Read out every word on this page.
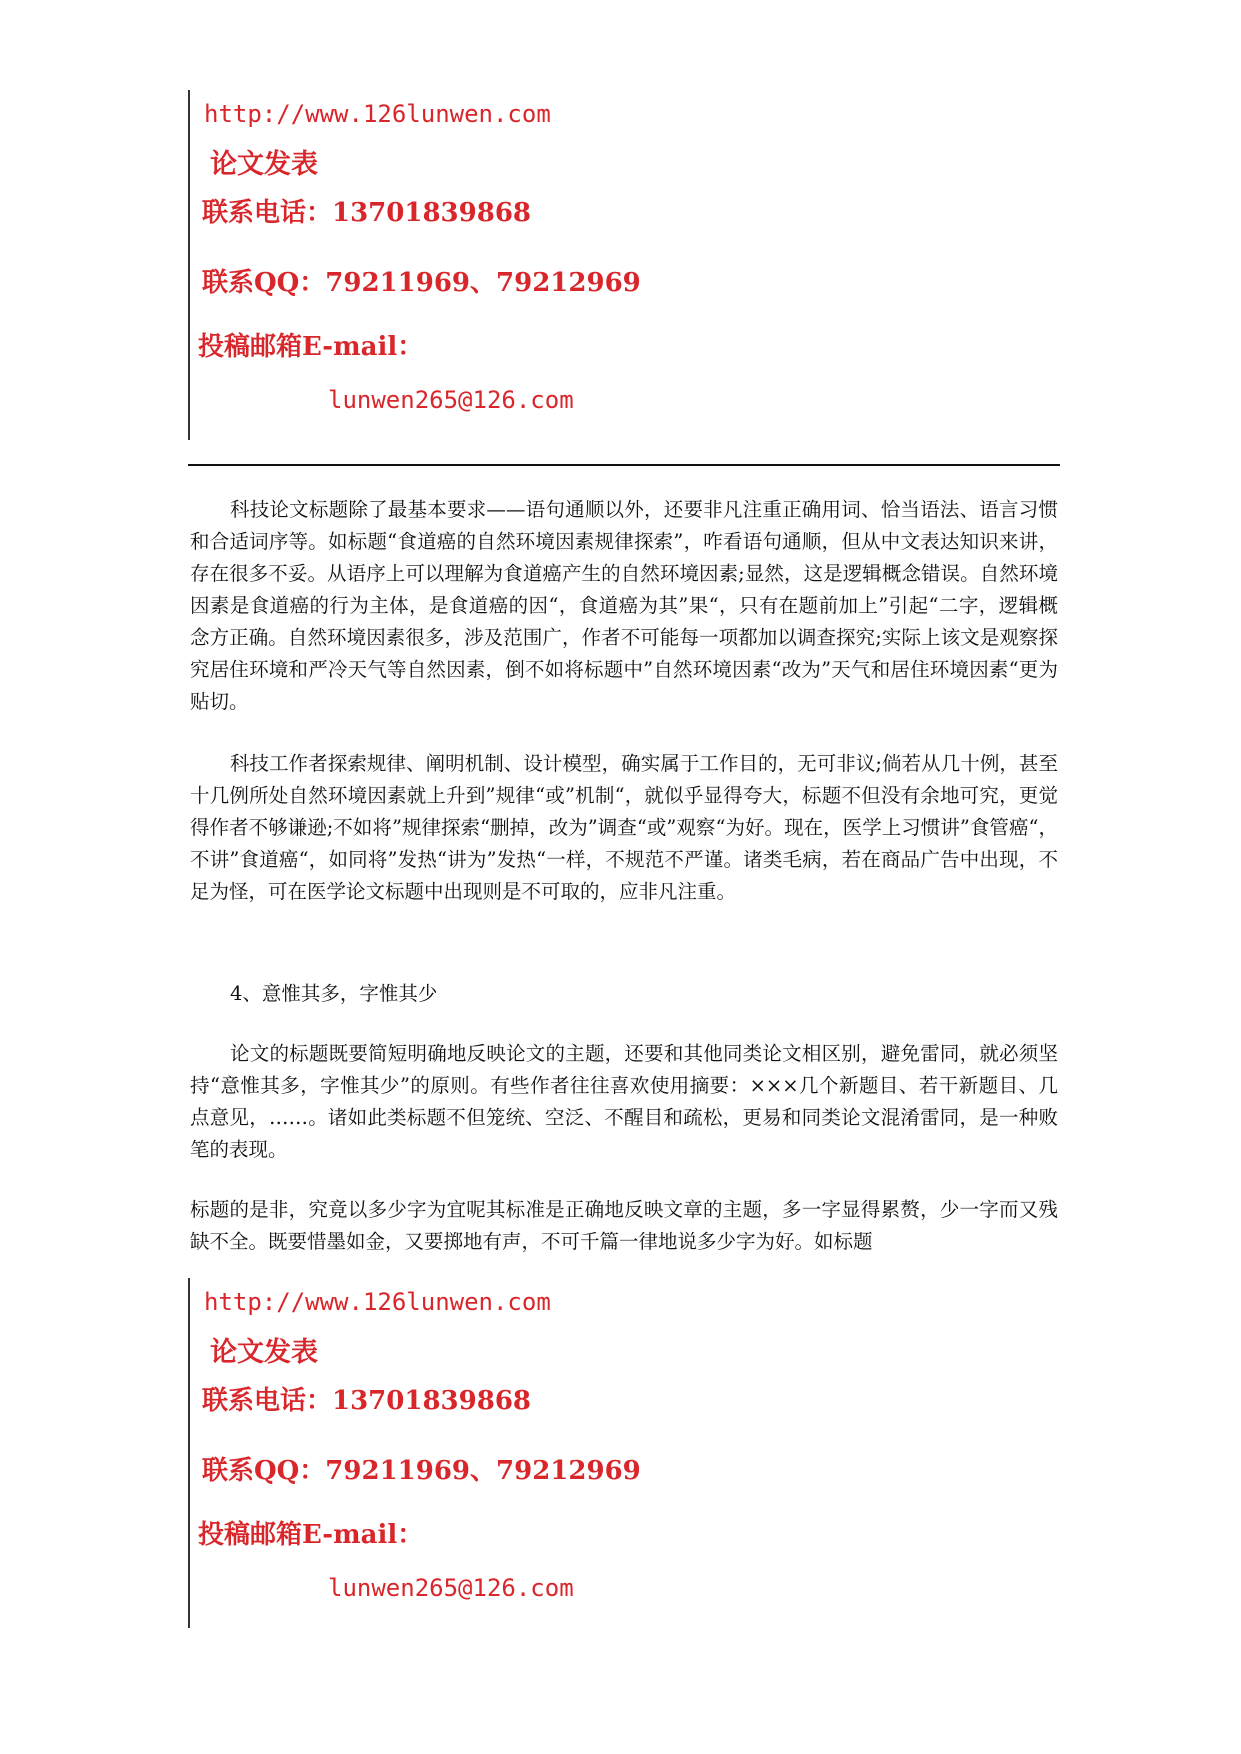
http://www.126lunwen.com
论文发表
联系电话：13701839868
联系QQ：79211969、79212969
投稿邮箱E-mail：
lunwen265@126.com

科技论文标题除了最基本要求——语句通顺以外，还要非凡注重正确用词、恰当语法、语言习惯和合适词序等。如标题“食道癌的自然环境因素规律探索”，咋看语句通顺，但从中文表达知识来讲，存在很多不妥。从语序上可以理解为食道癌产生的自然环境因素;显然，这是逻辑概念错误。自然环境因素是食道癌的行为主体，是食道癌的因“，食道癌为其”果“，只有在题前加上”引起“二字，逻辑概念方正确。自然环境因素很多，涉及范围广，作者不可能每一项都加以调查探究;实际上该文是观察探究居住环境和严冷天气等自然因素，倒不如将标题中”自然环境因素“改为”天气和居住环境因素“更为贴切。

科技工作者探索规律、阐明机制、设计模型，确实属于工作目的，无可非议;倘若从几十例，甚至十几例所处自然环境因素就上升到”规律“或”机制“，就似乎显得夸大，标题不但没有余地可究，更觉得作者不够谦逊;不如将”规律探索“删掉，改为”调查“或”观察“为好。现在，医学上习惯讲”食管癌“，不讲”食道癌“，如同将”发热“讲为”发热“一样，不规范不严谨。诸类毛病，若在商品广告中出现，不足为怪，可在医学论文标题中出现则是不可取的，应非凡注重。

4、意惟其多，字惟其少

论文的标题既要简短明确地反映论文的主题，还要和其他同类论文相区别，避免雷同，就必须坚持“意惟其多，字惟其少”的原则。有些作者往往喜欢使用摘要：×××几个新题目、若干新题目、几点意见，……。诸如此类标题不但笼统、空泛、不醒目和疏松，更易和同类论文混淆雷同，是一种败笔的表现。

标题的是非，究竟以多少字为宜呢其标准是正确地反映文章的主题，多一字显得累赘，少一字而又残缺不全。既要惜墨如金，又要掷地有声，不可千篇一律地说多少字为好。如标题

http://www.126lunwen.com
论文发表
联系电话：13701839868
联系QQ：79211969、79212969
投稿邮箱E-mail：
lunwen265@126.com
